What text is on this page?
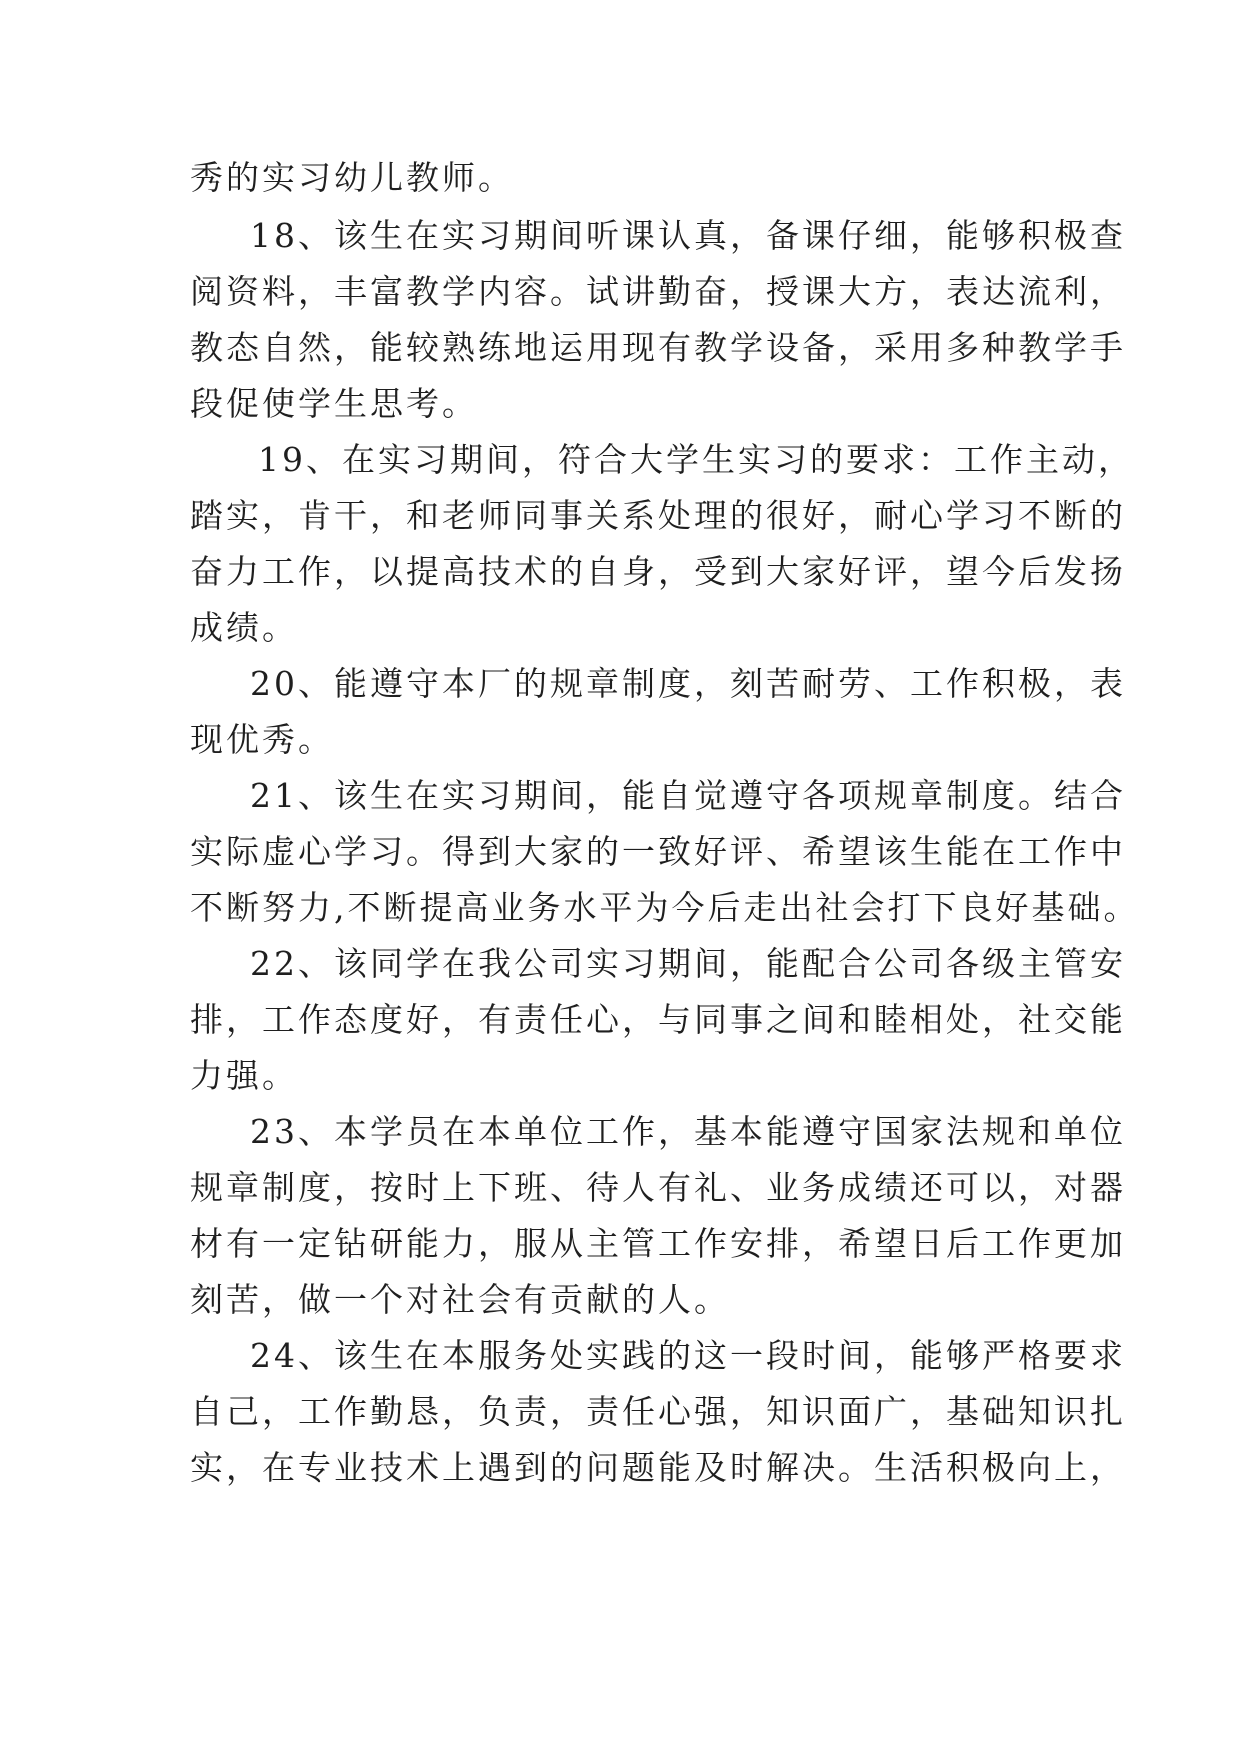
秀的实习幼儿教师。
18、该生在实习期间听课认真，备课仔细，能够积极查
阅资料，丰富教学内容。试讲勤奋，授课大方，表达流利，
教态自然，能较熟练地运用现有教学设备，采用多种教学手
段促使学生思考。
19、在实习期间，符合大学生实习的要求：工作主动，
踏实，肯干，和老师同事关系处理的很好，耐心学习不断的
奋力工作，以提高技术的自身，受到大家好评，望今后发扬
成绩。
20、能遵守本厂的规章制度，刻苦耐劳、工作积极，表
现优秀。
21、该生在实习期间，能自觉遵守各项规章制度。结合
实际虚心学习。得到大家的一致好评、希望该生能在工作中
不断努力,不断提高业务水平为今后走出社会打下良好基础。
22、该同学在我公司实习期间，能配合公司各级主管安
排，工作态度好，有责任心，与同事之间和睦相处，社交能
力强。
23、本学员在本单位工作，基本能遵守国家法规和单位
规章制度，按时上下班、待人有礼、业务成绩还可以，对器
材有一定钻研能力，服从主管工作安排，希望日后工作更加
刻苦，做一个对社会有贡献的人。
24、该生在本服务处实践的这一段时间，能够严格要求
自己，工作勤恳，负责，责任心强，知识面广，基础知识扎
实，在专业技术上遇到的问题能及时解决。生活积极向上，
